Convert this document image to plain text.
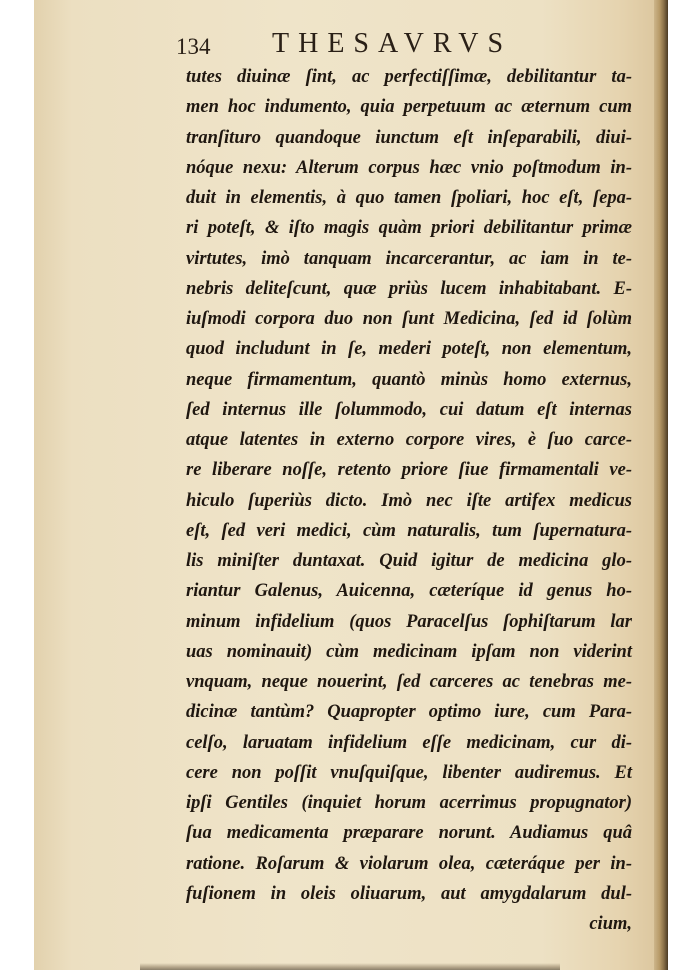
134 THESAVRVS
tutes diuinæ ſint, ac perfectiſſimæ, debilitantur ta-
men hoc indumento, quia perpetuum ac æternum cum
tranſituro quandoque iunctum eſt inſeparabili, diui-
nóque nexu: Alterum corpus hæc vnio poſtmodum in-
duit in elementis, à quo tamen ſpoliari, hoc eſt, ſepa-
ri poteſt, & iſto magis quàm priori debilitantur primæ
virtutes, imò tanquam incarcerantur, ac iam in te-
nebris deliteſcunt, quæ priùs lucem inhabitabant. E-
iuſmodi corpora duo non ſunt Medicina, ſed id ſolùm
quod includunt in ſe, mederi poteſt, non elementum,
neque firmamentum, quantò minùs homo externus,
ſed internus ille ſolummodo, cui datum eſt internas
atque latentes in externo corpore vires, è ſuo carce-
re liberare noſſe, retento priore ſiue firmamentali ve-
hiculo ſuperiùs dicto. Imò nec iſte artifex medicus
eſt, ſed veri medici, cùm naturalis, tum ſupernatura-
lis miniſter duntaxat. Quid igitur de medicina glo-
riantur Galenus, Auicenna, cæteríque id genus ho-
minum infidelium (quos Paracelſus ſophiſtarum lar
uas nominauit) cùm medicinam ipſam non viderint
vnquam, neque nouerint, ſed carceres ac tenebras me-
dicinæ tantùm? Quapropter optimo iure, cum Para-
celſo, laruatam infidelium eſſe medicinam, cur di-
cere non poſſit vnuſquiſque, libenter audiremus. Et
ipſi Gentiles (inquiet horum acerrimus propugnator)
ſua medicamenta præparare norunt. Audiamus quâ
ratione. Roſarum & violarum olea, cæteráque per in-
fuſionem in oleis oliuarum, aut amygdalarum dul-
cium,
